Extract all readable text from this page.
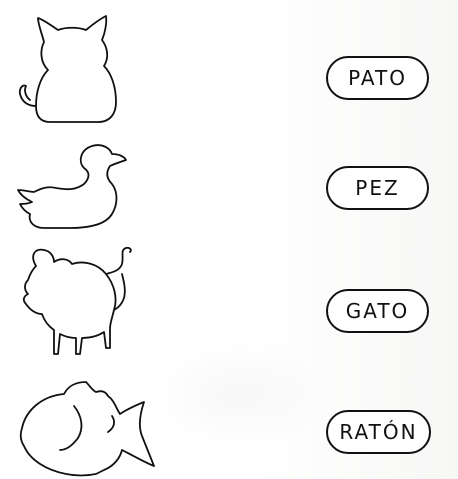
PATO
PEZ
GATO
RATÓN
